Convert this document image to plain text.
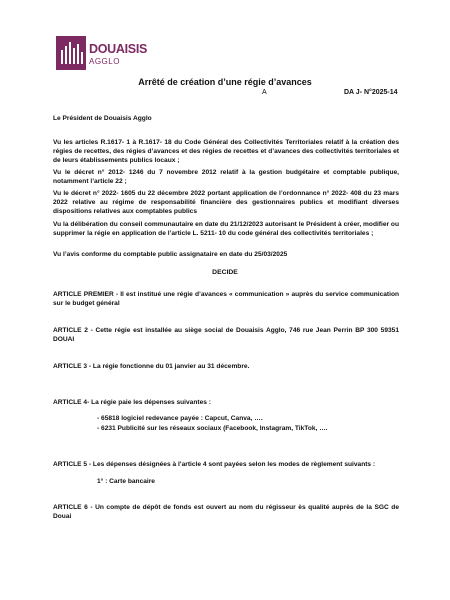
DOUAISIS
AGGLO
Arrêté de création d’une régie d’avances
A	DA J- N°2025-14

Le Président de Douaisis Agglo

Vu les articles R.1617- 1 à R.1617- 18 du Code Général des Collectivités Territoriales relatif à la création des régies de recettes, des régies d’avances et des régies de recettes et d’avances des collectivités territoriales et de leurs établissements publics locaux ;

Vu le décret n° 2012- 1246 du 7 novembre 2012 relatif à la gestion budgétaire et comptable publique, notamment l’article 22 ;

Vu le décret n° 2022- 1605 du 22 décembre 2022 portant application de l’ordonnance n° 2022- 408 du 23 mars 2022 relative au régime de responsabilité financière des gestionnaires publics et modifiant diverses dispositions relatives aux comptables publics

Vu la délibération du conseil communautaire en date du 21/12/2023 autorisant le Président à créer, modifier ou supprimer la régie en application de l’article L. 5211- 10 du code général des collectivités territoriales ;

Vu l’avis conforme du comptable public assignataire en date du 25/03/2025

DECIDE

ARTICLE PREMIER - Il est institué une régie d’avances « communication » auprès du service communication sur le budget général

ARTICLE 2 - Cette régie est installée au siège social de Douaisis Agglo, 746 rue Jean Perrin BP 300 59351 DOUAI

ARTICLE 3 - La régie fonctionne du 01 janvier au 31 décembre.

ARTICLE 4- La régie paie les dépenses suivantes :

- 65818 logiciel redevance payée : Capcut, Canva, ….

- 6231 Publicité sur les réseaux sociaux (Facebook, Instagram, TikTok, ….

ARTICLE 5 - Les dépenses désignées à l’article 4 sont payées selon les modes de règlement suivants :

1° : Carte bancaire

ARTICLE 6 - Un compte de dépôt de fonds est ouvert au nom du régisseur ès qualité auprès de la SGC de Douai
